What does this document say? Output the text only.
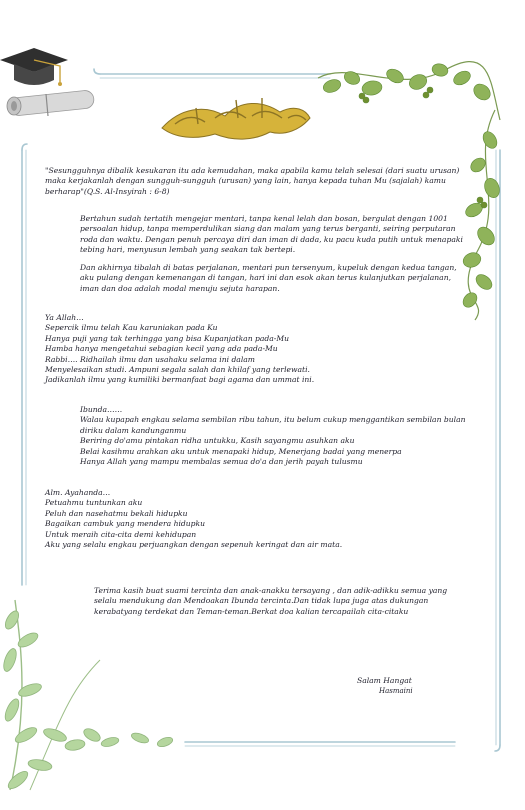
"Sesungguhnya dibalik kesukaran itu ada kemudahan, maka apabila kamu telah selesai (dari suatu urusan)

maka kerjakanlah dengan sungguh-sungguh (urusan) yang lain, hanya kepada tuhan Mu (sajalah) kamu

berharap"(Q.S. Al-Insyirah : 6-8)

Bertahun sudah tertatih mengejar mentari, tanpa kenal lelah dan bosan, bergulat dengan 1001

persoalan hidup, tanpa memperdulikan siang dan malam yang terus berganti, seiring perputaran

roda dan waktu. Dengan penuh percaya diri dan iman di dada, ku pacu kuda putih untuk menapaki

tebing hari, menyusun lembah yang seakan tak bertepi.

Dan akhirnya tibalah di batas perjalanan, mentari pun tersenyum, kupeluk dengan kedua tangan,

aku pulang dengan kemenangan di tangan, hari ini dan esok akan terus kulanjutkan perjalanan,

iman dan doa adalah modal menuju sejuta harapan.

Ya Allah…

Sepercik ilmu telah Kau karuniakan pada Ku

Hanya puji yang tak terhingga yang bisa Kupanjatkan pada-Mu

Hamba hanya mengetahui sebagian kecil yang ada pada-Mu

Rabbi…. Ridhailah ilmu dan usahaku selama ini dalam

Menyelesaikan studi. Ampuni segala salah dan khilaf yang terlewati.

Jadikanlah ilmu yang kumiliki bermanfaat bagi agama dan ummat ini.

Ibunda……

Walau kupapah engkau selama sembilan ribu tahun, itu belum cukup menggantikan sembilan bulan

diriku dalam kandunganmu

Beriring do'amu pintakan ridha untukku, Kasih sayangmu asuhkan aku

Belai kasihmu arahkan aku untuk menapaki hidup, Menerjang badai yang menerpa

Hanya Allah yang mampu membalas semua do'a dan jerih payah tulusmu

Alm. Ayahanda…

Petuahmu tuntunkan aku

Peluh dan nasehatmu bekali hidupku

Bagaikan cambuk yang mendera hidupku

Untuk meraih cita-cita demi kehidupan

Aku yang selalu engkau perjuangkan dengan sepenuh keringat dan air mata.

Terima kasih buat suami tercinta dan anak-anakku tersayang , dan adik-adikku semua yang

selalu mendukung dan Mendoakan Ibunda tercinta.Dan tidak lupa juga atas dukungan

kerabatyang terdekat dan Teman-teman.Berkat doa kalian tercapailah cita-citaku

Salam Hangat
Hasmaini
